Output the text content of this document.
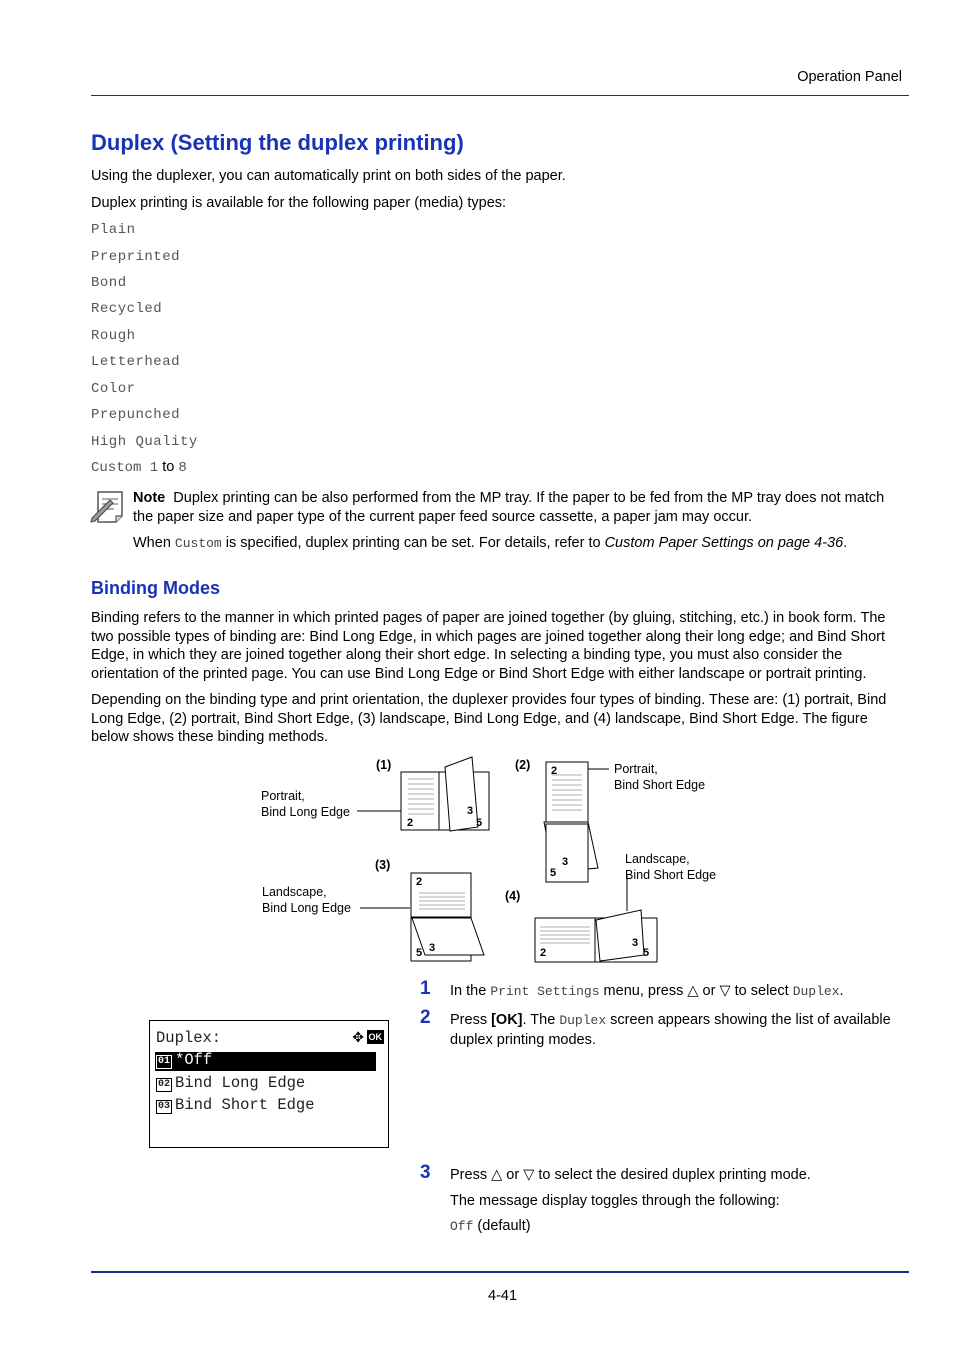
Operation Panel
Duplex (Setting the duplex printing)
Using the duplexer, you can automatically print on both sides of the paper.
Duplex printing is available for the following paper (media) types:
Plain
Preprinted
Bond
Recycled
Rough
Letterhead
Color
Prepunched
High Quality
Custom 1 to 8
Note Duplex printing can be also performed from the MP tray. If the paper to be fed from the MP tray does not match the paper size and paper type of the current paper feed source cassette, a paper jam may occur.
When Custom is specified, duplex printing can be set. For details, refer to Custom Paper Settings on page 4-36.
Binding Modes
Binding refers to the manner in which printed pages of paper are joined together (by gluing, stitching, etc.) in book form. The two possible types of binding are: Bind Long Edge, in which pages are joined together along their long edge; and Bind Short Edge, in which they are joined together along their short edge. In selecting a binding type, you must also consider the orientation of the printed page. You can use Bind Long Edge or Bind Short Edge with either landscape or portrait printing.
Depending on the binding type and print orientation, the duplexer provides four types of binding. These are: (1) portrait, Bind Long Edge, (2) portrait, Bind Short Edge, (3) landscape, Bind Long Edge, and (4) landscape, Bind Short Edge. The figure below shows these binding methods.
(1)	(2)
(3)
(4)
Portrait,
Bind Long Edge
Portrait,
Bind Short Edge
Landscape,
Bind Long Edge
Landscape,
Bind Short Edge
2
3
5
2
3
5
2
3
5	2
3
5
1 In the Print Settings menu, press △ or ▽ to select Duplex.
2 Press [OK]. The Duplex screen appears showing the list of available duplex printing modes.
3 Press △ or ▽ to select the desired duplex printing mode.
The message display toggles through the following:
Off (default)
Duplex:	✥ OK
01 *Off
02 Bind Long Edge
03 Bind Short Edge
4-41
